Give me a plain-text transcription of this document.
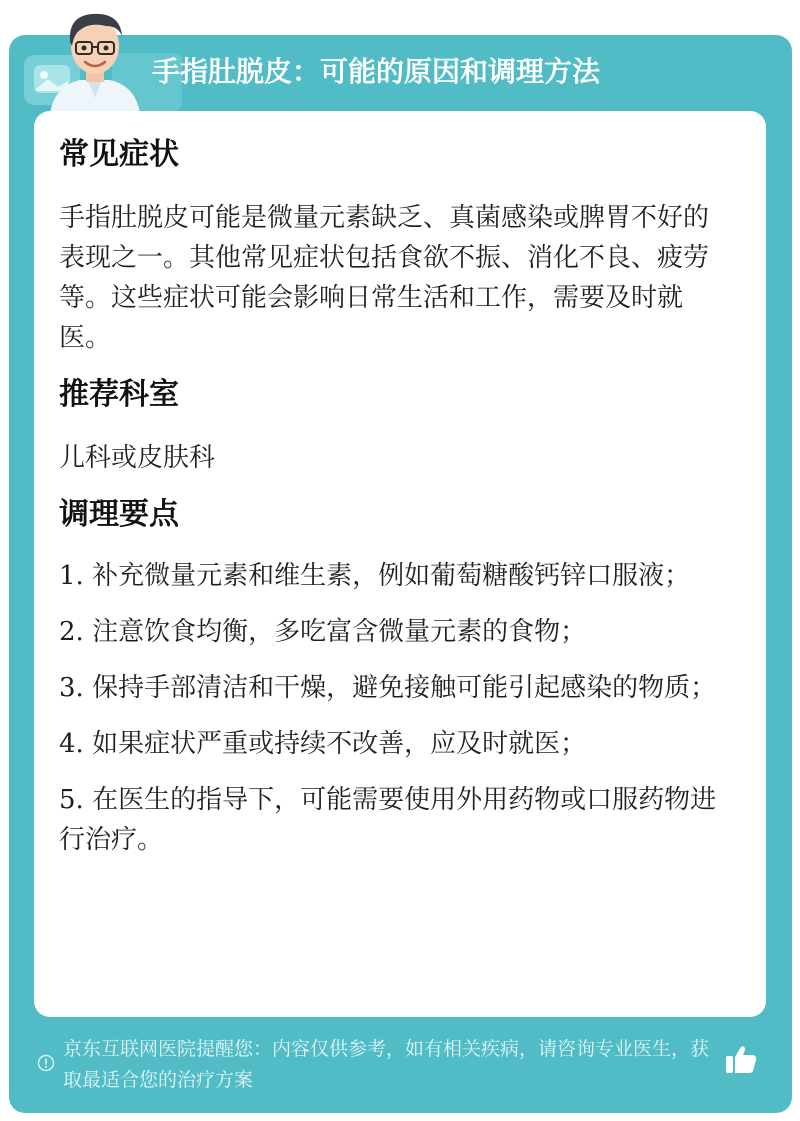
手指肚脱皮：可能的原因和调理方法
常见症状
手指肚脱皮可能是微量元素缺乏、真菌感染或脾胃不好的表现之一。其他常见症状包括食欲不振、消化不良、疲劳等。这些症状可能会影响日常生活和工作，需要及时就医。
推荐科室
儿科或皮肤科
调理要点
1. 补充微量元素和维生素，例如葡萄糖酸钙锌口服液；
2. 注意饮食均衡，多吃富含微量元素的食物；
3. 保持手部清洁和干燥，避免接触可能引起感染的物质；
4. 如果症状严重或持续不改善，应及时就医；
5. 在医生的指导下，可能需要使用外用药物或口服药物进行治疗。
京东互联网医院提醒您：内容仅供参考，如有相关疾病，请咨询专业医生，获取最适合您的治疗方案
